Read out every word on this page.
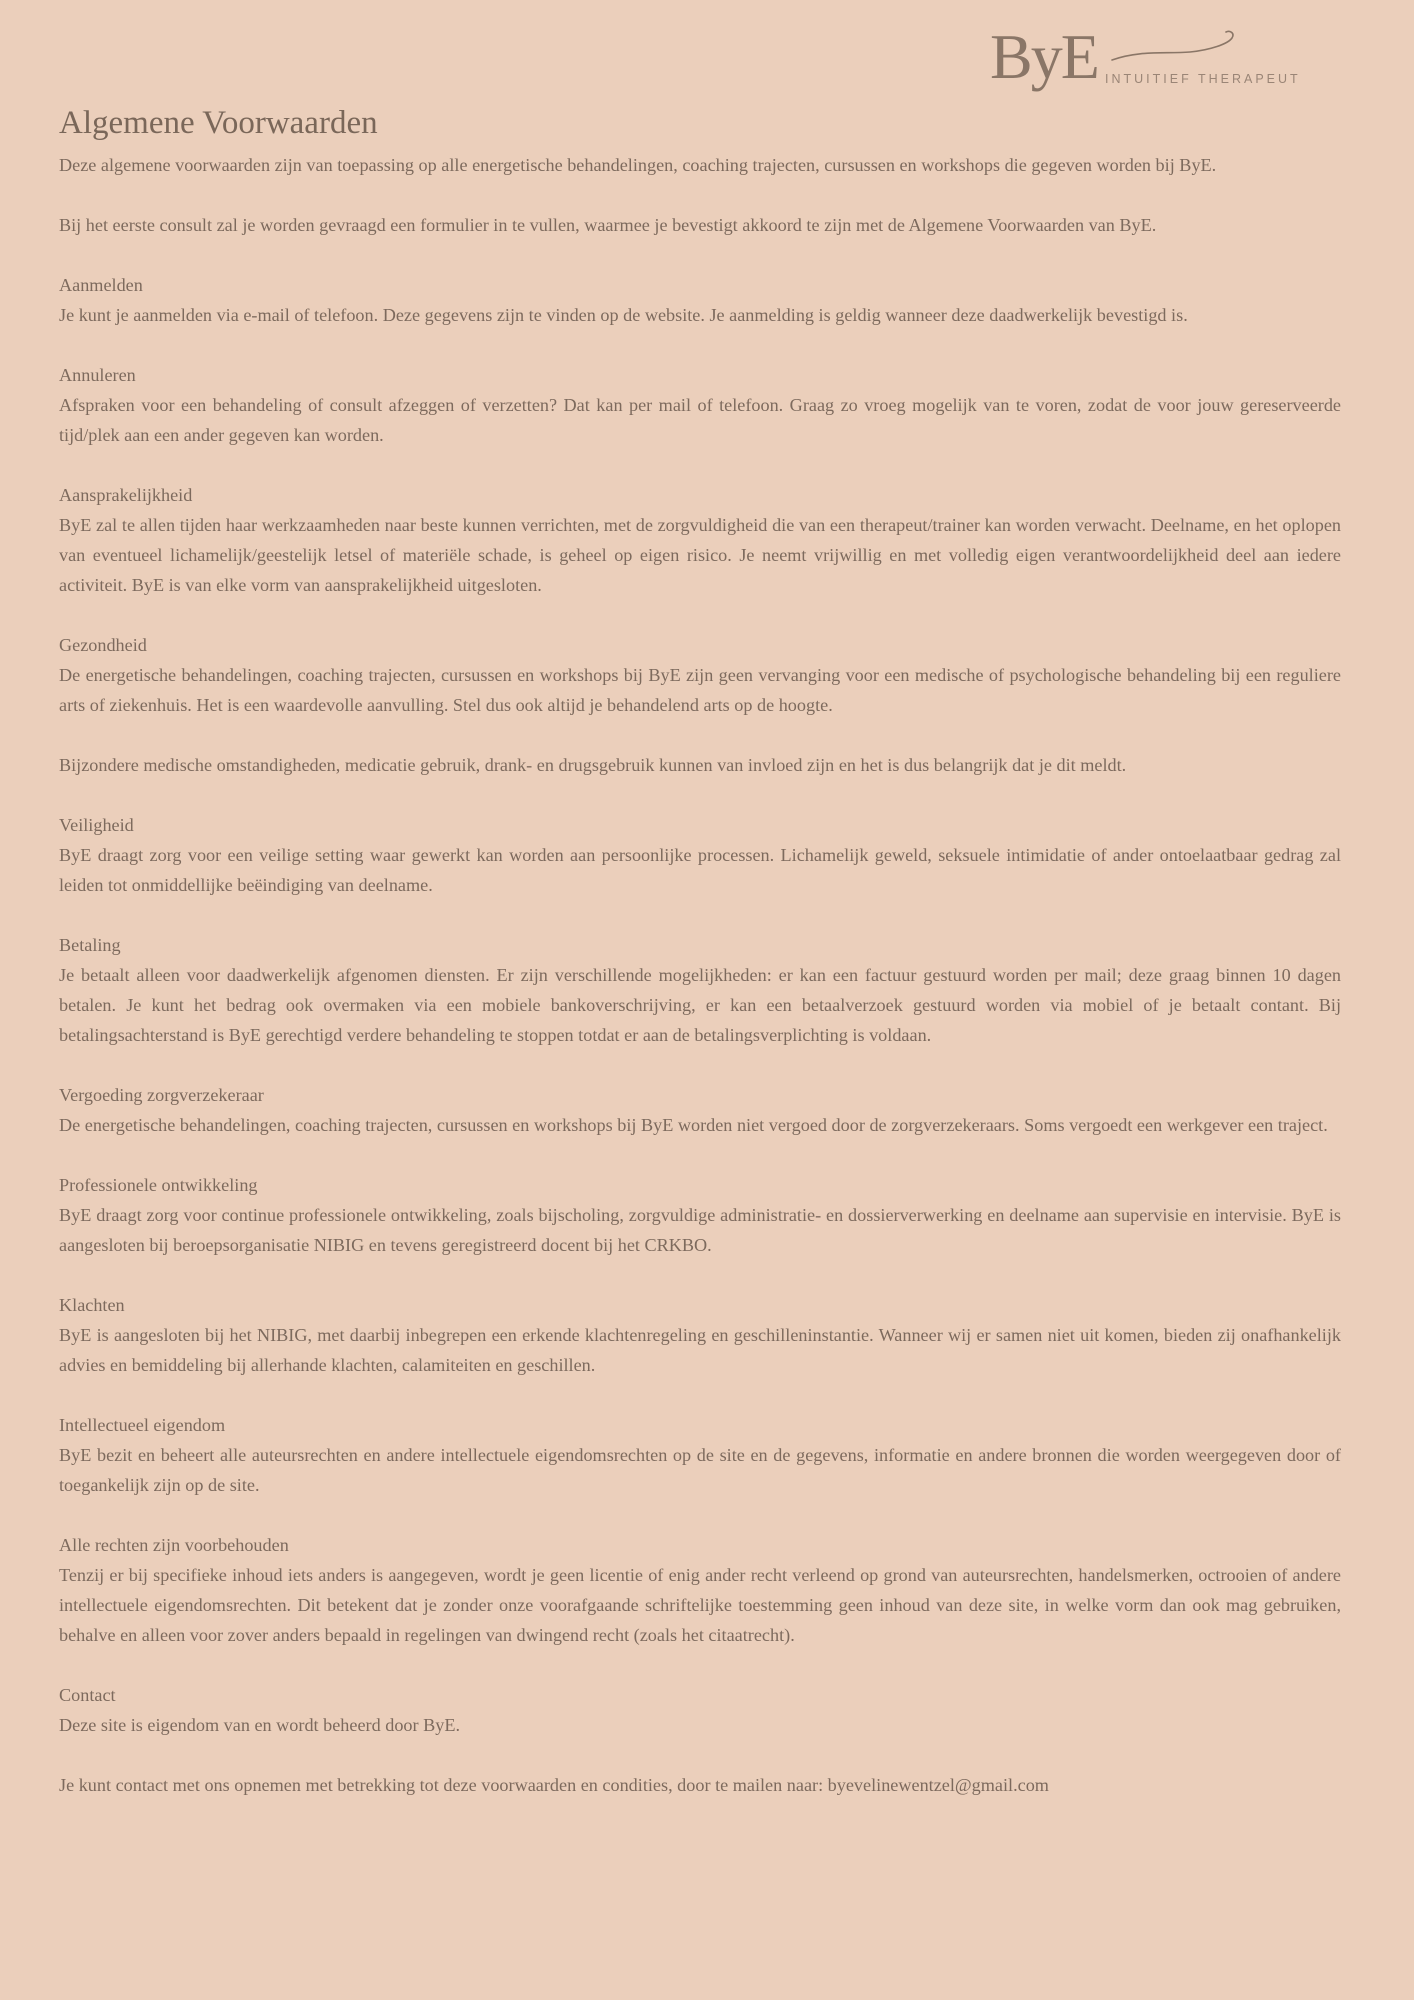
ByE INTUITIEF THERAPEUT
Algemene Voorwaarden

Deze algemene voorwaarden zijn van toepassing op alle energetische behandelingen, coaching trajecten, cursussen en workshops die gegeven worden bij ByE.

Bij het eerste consult zal je worden gevraagd een formulier in te vullen, waarmee je bevestigt akkoord te zijn met de Algemene Voorwaarden van ByE.

Aanmelden

Je kunt je aanmelden via e-mail of telefoon. Deze gegevens zijn te vinden op de website. Je aanmelding is geldig wanneer deze daadwerkelijk bevestigd is.

Annuleren

Afspraken voor een behandeling of consult afzeggen of verzetten? Dat kan per mail of telefoon. Graag zo vroeg mogelijk van te voren, zodat de voor jouw gereserveerde tijd/plek aan een ander gegeven kan worden.

Aansprakelijkheid

ByE zal te allen tijden haar werkzaamheden naar beste kunnen verrichten, met de zorgvuldigheid die van een therapeut/trainer kan worden verwacht. Deelname, en het oplopen van eventueel lichamelijk/geestelijk letsel of materiële schade, is geheel op eigen risico. Je neemt vrijwillig en met volledig eigen verantwoordelijkheid deel aan iedere activiteit. ByE is van elke vorm van aansprakelijkheid uitgesloten.

Gezondheid

De energetische behandelingen, coaching trajecten, cursussen en workshops bij ByE zijn geen vervanging voor een medische of psychologische behandeling bij een reguliere arts of ziekenhuis. Het is een waardevolle aanvulling. Stel dus ook altijd je behandelend arts op de hoogte.

Bijzondere medische omstandigheden, medicatie gebruik, drank- en drugsgebruik kunnen van invloed zijn en het is dus belangrijk dat je dit meldt.

Veiligheid

ByE draagt zorg voor een veilige setting waar gewerkt kan worden aan persoonlijke processen. Lichamelijk geweld, seksuele intimidatie of ander ontoelaatbaar gedrag zal leiden tot onmiddellijke beëindiging van deelname.

Betaling

Je betaalt alleen voor daadwerkelijk afgenomen diensten. Er zijn verschillende mogelijkheden: er kan een factuur gestuurd worden per mail; deze graag binnen 10 dagen betalen. Je kunt het bedrag ook overmaken via een mobiele bankoverschrijving, er kan een betaalverzoek gestuurd worden via mobiel of je betaalt contant. Bij betalingsachterstand is ByE gerechtigd verdere behandeling te stoppen totdat er aan de betalingsverplichting is voldaan.

Vergoeding zorgverzekeraar

De energetische behandelingen, coaching trajecten, cursussen en workshops bij ByE worden niet vergoed door de zorgverzekeraars. Soms vergoedt een werkgever een traject.

Professionele ontwikkeling

ByE draagt zorg voor continue professionele ontwikkeling, zoals bijscholing, zorgvuldige administratie- en dossierverwerking en deelname aan supervisie en intervisie. ByE is aangesloten bij beroepsorganisatie NIBIG en tevens geregistreerd docent bij het CRKBO.

Klachten

ByE is aangesloten bij het NIBIG, met daarbij inbegrepen een erkende klachtenregeling en geschilleninstantie. Wanneer wij er samen niet uit komen, bieden zij onafhankelijk advies en bemiddeling bij allerhande klachten, calamiteiten en geschillen.

Intellectueel eigendom

ByE bezit en beheert alle auteursrechten en andere intellectuele eigendomsrechten op de site en de gegevens, informatie en andere bronnen die worden weergegeven door of toegankelijk zijn op de site.

Alle rechten zijn voorbehouden

Tenzij er bij specifieke inhoud iets anders is aangegeven, wordt je geen licentie of enig ander recht verleend op grond van auteursrechten, handelsmerken, octrooien of andere intellectuele eigendomsrechten. Dit betekent dat je zonder onze voorafgaande schriftelijke toestemming geen inhoud van deze site, in welke vorm dan ook mag gebruiken, behalve en alleen voor zover anders bepaald in regelingen van dwingend recht (zoals het citaatrecht).

Contact

Deze site is eigendom van en wordt beheerd door ByE.

Je kunt contact met ons opnemen met betrekking tot deze voorwaarden en condities, door te mailen naar: byevelinewentzel@gmail.com
